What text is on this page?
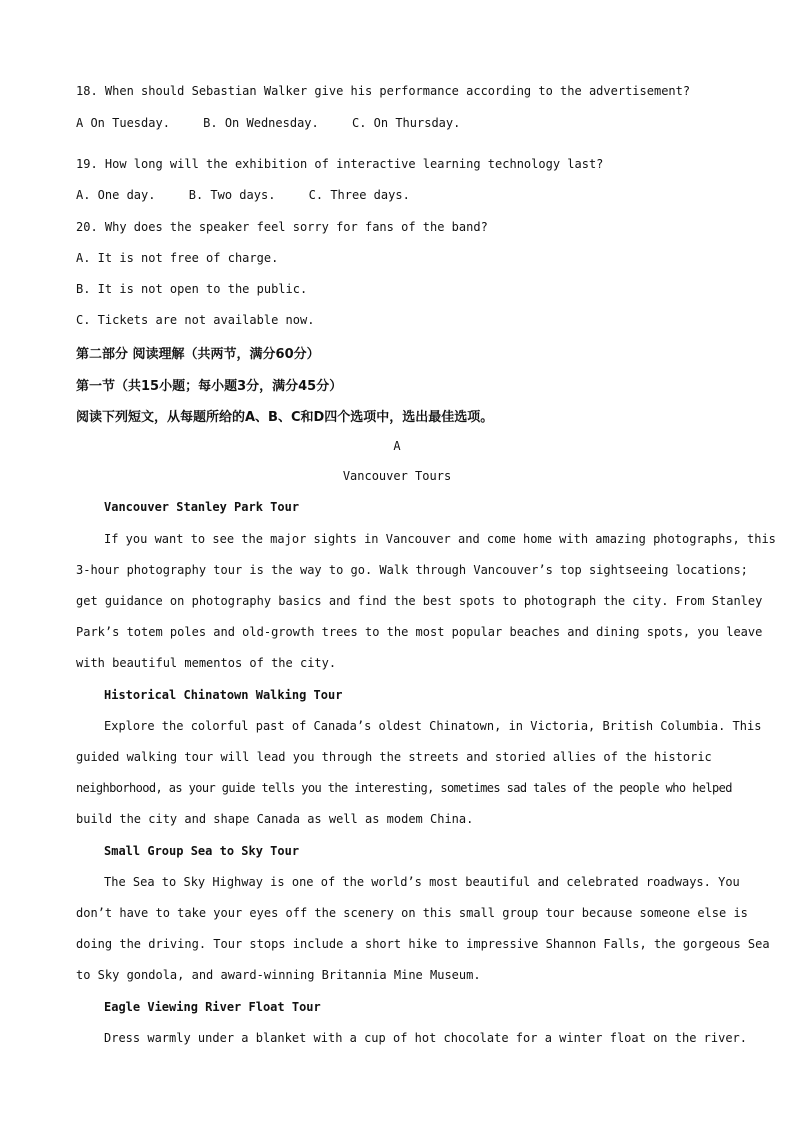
18. When should Sebastian Walker give his performance according to the advertisement?
A On Tuesday.	B. On Wednesday.	C. On Thursday.
19. How long will the exhibition of interactive learning technology last?
A. One day.	B. Two days.	C. Three days.
20. Why does the speaker feel sorry for fans of the band?
A. It is not free of charge.
B. It is not open to the public.
C. Tickets are not available now.
第二部分 阅读理解（共两节，满分60分）
第一节（共15小题；每小题3分，满分45分）
阅读下列短文，从每题所给的A、B、C和D四个选项中，选出最佳选项。
A
Vancouver Tours
Vancouver Stanley Park Tour
If you want to see the major sights in Vancouver and come home with amazing photographs, this
3-hour photography tour is the way to go. Walk through Vancouver’s top sightseeing locations;
get guidance on photography basics and find the best spots to photograph the city. From Stanley
Park’s totem poles and old-growth trees to the most popular beaches and dining spots, you leave
with beautiful mementos of the city.
Historical Chinatown Walking Tour
Explore the colorful past of Canada’s oldest Chinatown, in Victoria, British Columbia. This
guided walking tour will lead you through the streets and storied allies of the historic
neighborhood, as your guide tells you the interesting, sometimes sad tales of the people who helped
build the city and shape Canada as well as modem China.
Small Group Sea to Sky Tour
The Sea to Sky Highway is one of the world’s most beautiful and celebrated roadways. You
don’t have to take your eyes off the scenery on this small group tour because someone else is
doing the driving. Tour stops include a short hike to impressive Shannon Falls, the gorgeous Sea
to Sky gondola, and award-winning Britannia Mine Museum.
Eagle Viewing River Float Tour
Dress warmly under a blanket with a cup of hot chocolate for a winter float on the river.
